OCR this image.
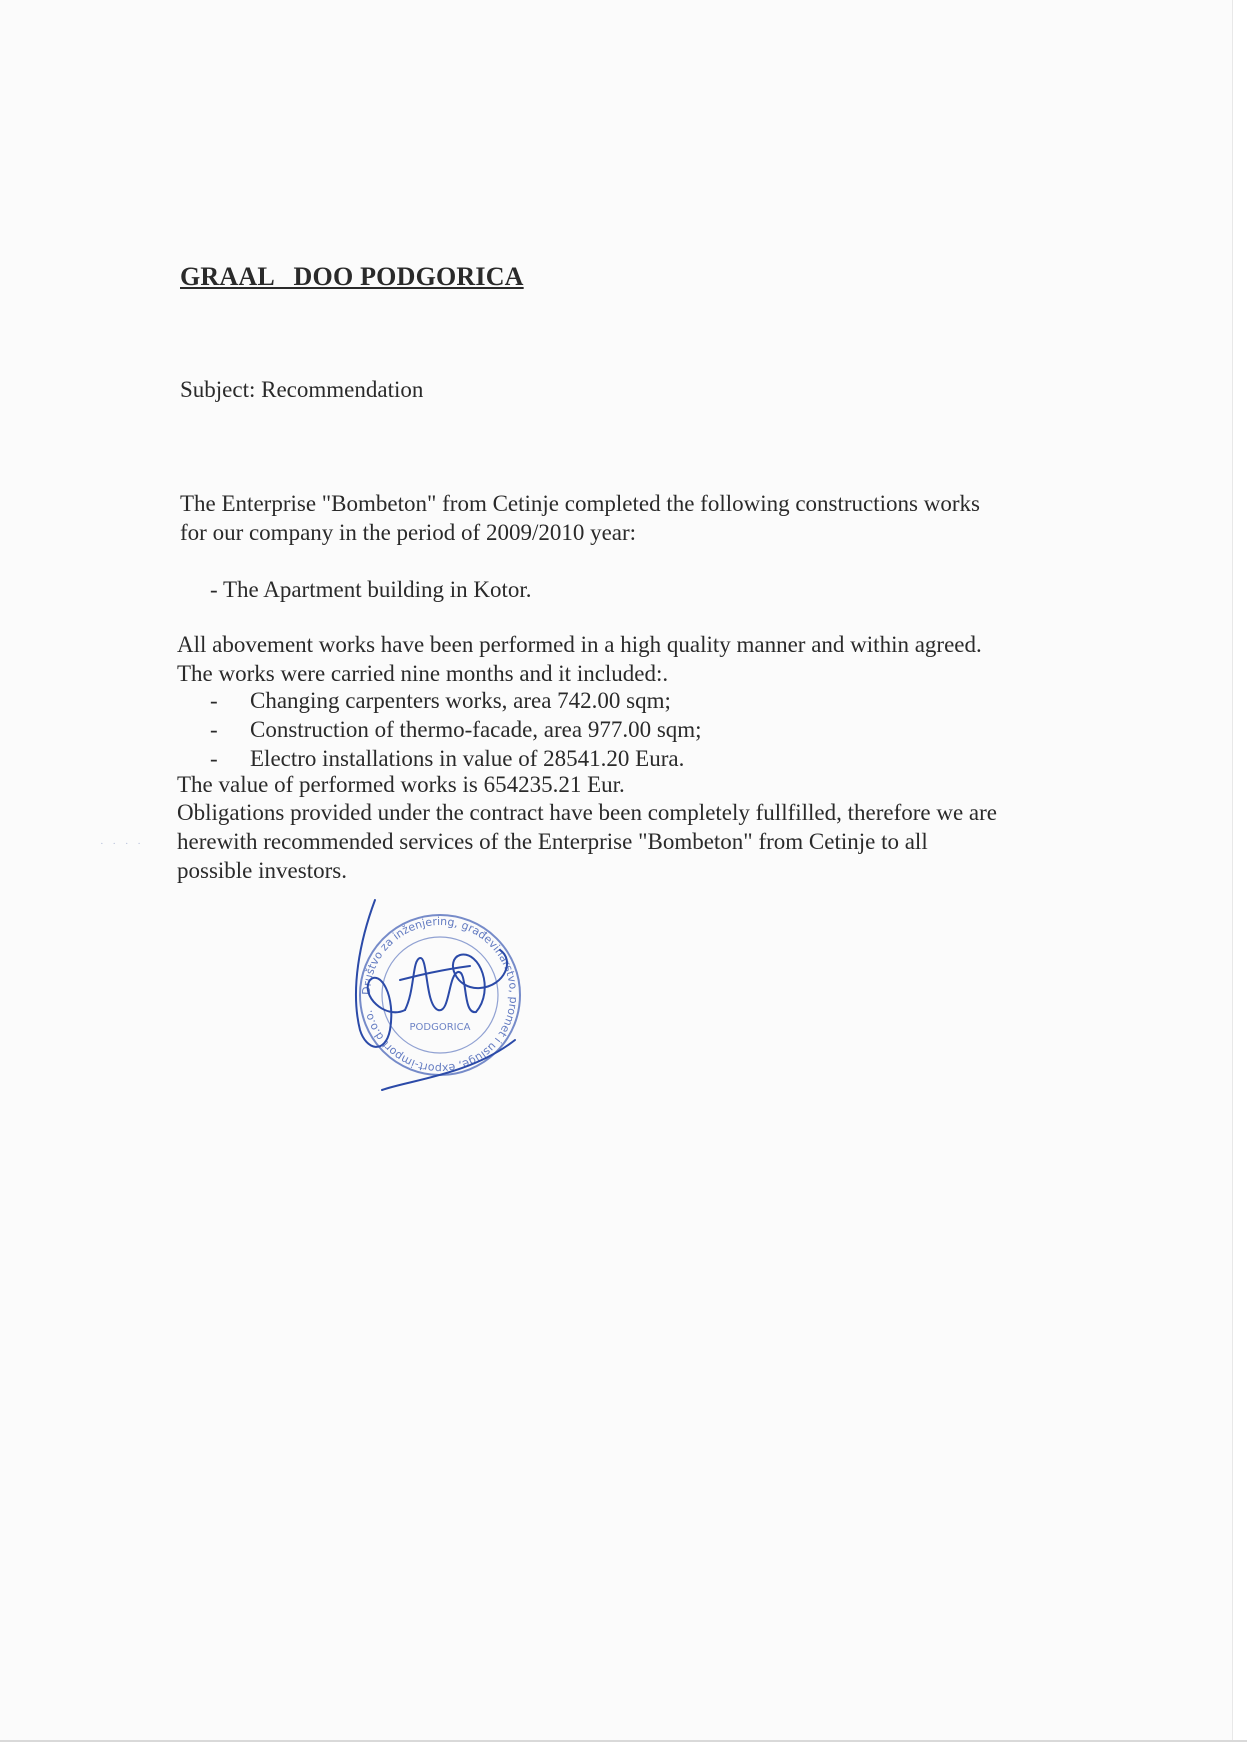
GRAAL   DOO PODGORICA
Subject: Recommendation
The Enterprise "Bombeton" from Cetinje completed the following constructions works
for our company in the period of 2009/2010 year:
- The Apartment building in Kotor.
All abovement works have been performed in a high quality manner and within agreed.
The works were carried nine months and it included:.
- Changing carpenters works, area 742.00 sqm;
- Construction of thermo-facade, area 977.00 sqm;
- Electro installations in value of 28541.20 Eura.
The value of performed works is 654235.21 Eur.
Obligations provided under the contract have been completely fullfilled, therefore we are
herewith recommended services of the Enterprise "Bombeton" from Cetinje to all
possible investors.
· · · ·
Društvo za inženjering, građevinarstvo, promet i usluge, export-import d.o.o.
PODGORICA
